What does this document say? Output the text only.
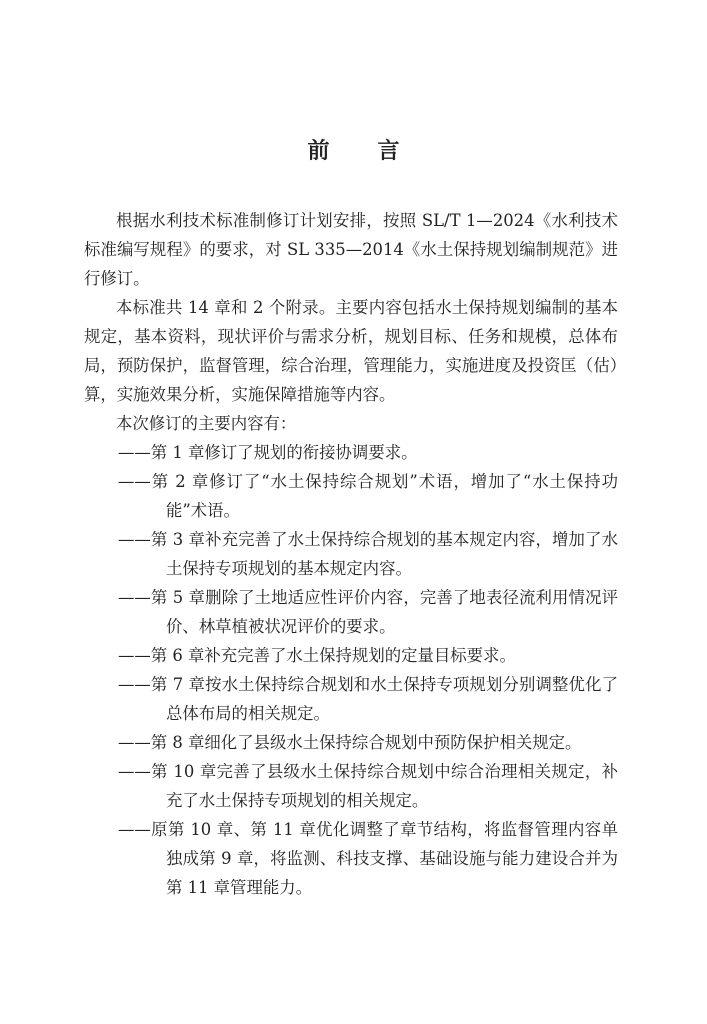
前 言

根据水利技术标准制修订计划安排，按照 SL/T 1—2024《水利技术标准编写规程》的要求，对 SL 335—2014《水土保持规划编制规范》进行修订。

本标准共 14 章和 2 个附录。主要内容包括水土保持规划编制的基本规定，基本资料，现状评价与需求分析，规划目标、任务和规模，总体布局，预防保护，监督管理，综合治理，管理能力，实施进度及投资匡（估）算，实施效果分析，实施保障措施等内容。

本次修订的主要内容有：

——第 1 章修订了规划的衔接协调要求。

——第 2 章修订了“水土保持综合规划”术语，增加了“水土保持功能”术语。

——第 3 章补充完善了水土保持综合规划的基本规定内容，增加了水土保持专项规划的基本规定内容。

——第 5 章删除了土地适应性评价内容，完善了地表径流利用情况评价、林草植被状况评价的要求。

——第 6 章补充完善了水土保持规划的定量目标要求。

——第 7 章按水土保持综合规划和水土保持专项规划分别调整优化了总体布局的相关规定。

——第 8 章细化了县级水土保持综合规划中预防保护相关规定。

——第 10 章完善了县级水土保持综合规划中综合治理相关规定，补充了水土保持专项规划的相关规定。

——原第 10 章、第 11 章优化调整了章节结构，将监督管理内容单独成第 9 章，将监测、科技支撑、基础设施与能力建设合并为第 11 章管理能力。
